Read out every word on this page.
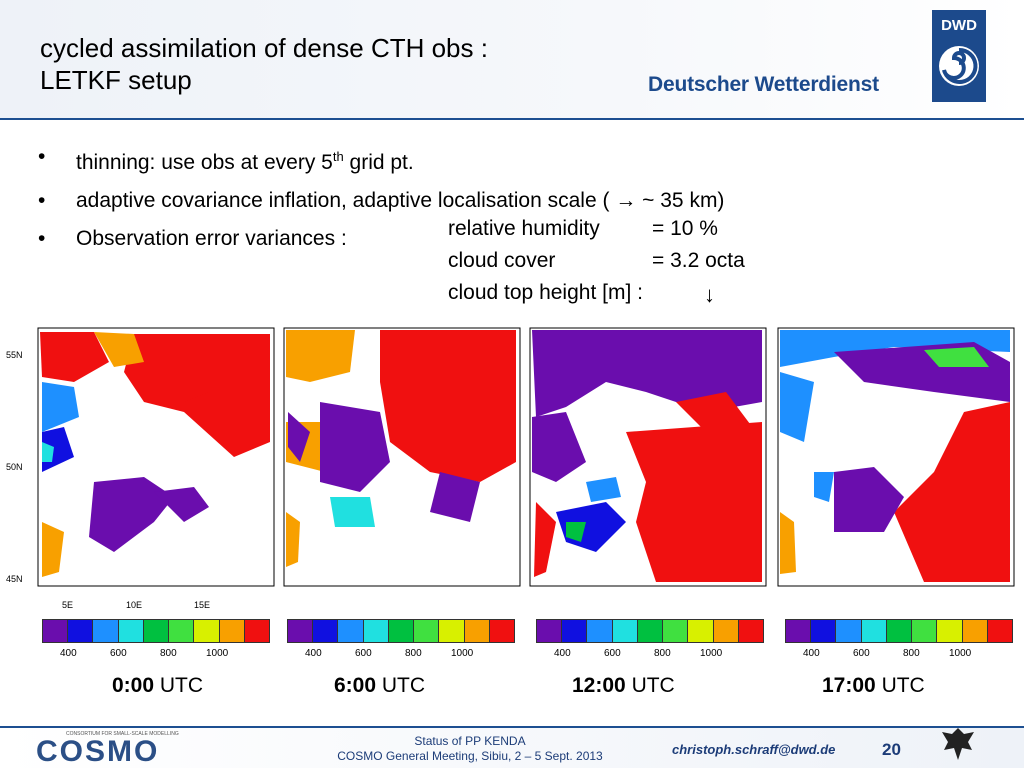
cycled assimilation of dense CTH obs :
LETKF setup	Deutscher Wetterdienst
DWD
• thinning: use obs at every 5th grid pt.
• adaptive covariance inflation, adaptive localisation scale ( → ~ 35 km)
• Observation error variances :	relative humidity = 10 %
cloud cover	= 3.2 octa
cloud top height [m] :	↓
55N
50N
45N
5E	10E	15E
400	600	800	1000	400	600	800	1000	400	600	800	1000	400	600	800	1000
0:00 UTC	6:00 UTC	12:00 UTC	17:00 UTC
CONSORTIUM FOR SMALL-SCALE MODELLING
COSMO	Status of PP KENDA
COSMO General Meeting, Sibiu, 2 – 5 Sept. 2013	christoph.schraff@dwd.de	20
